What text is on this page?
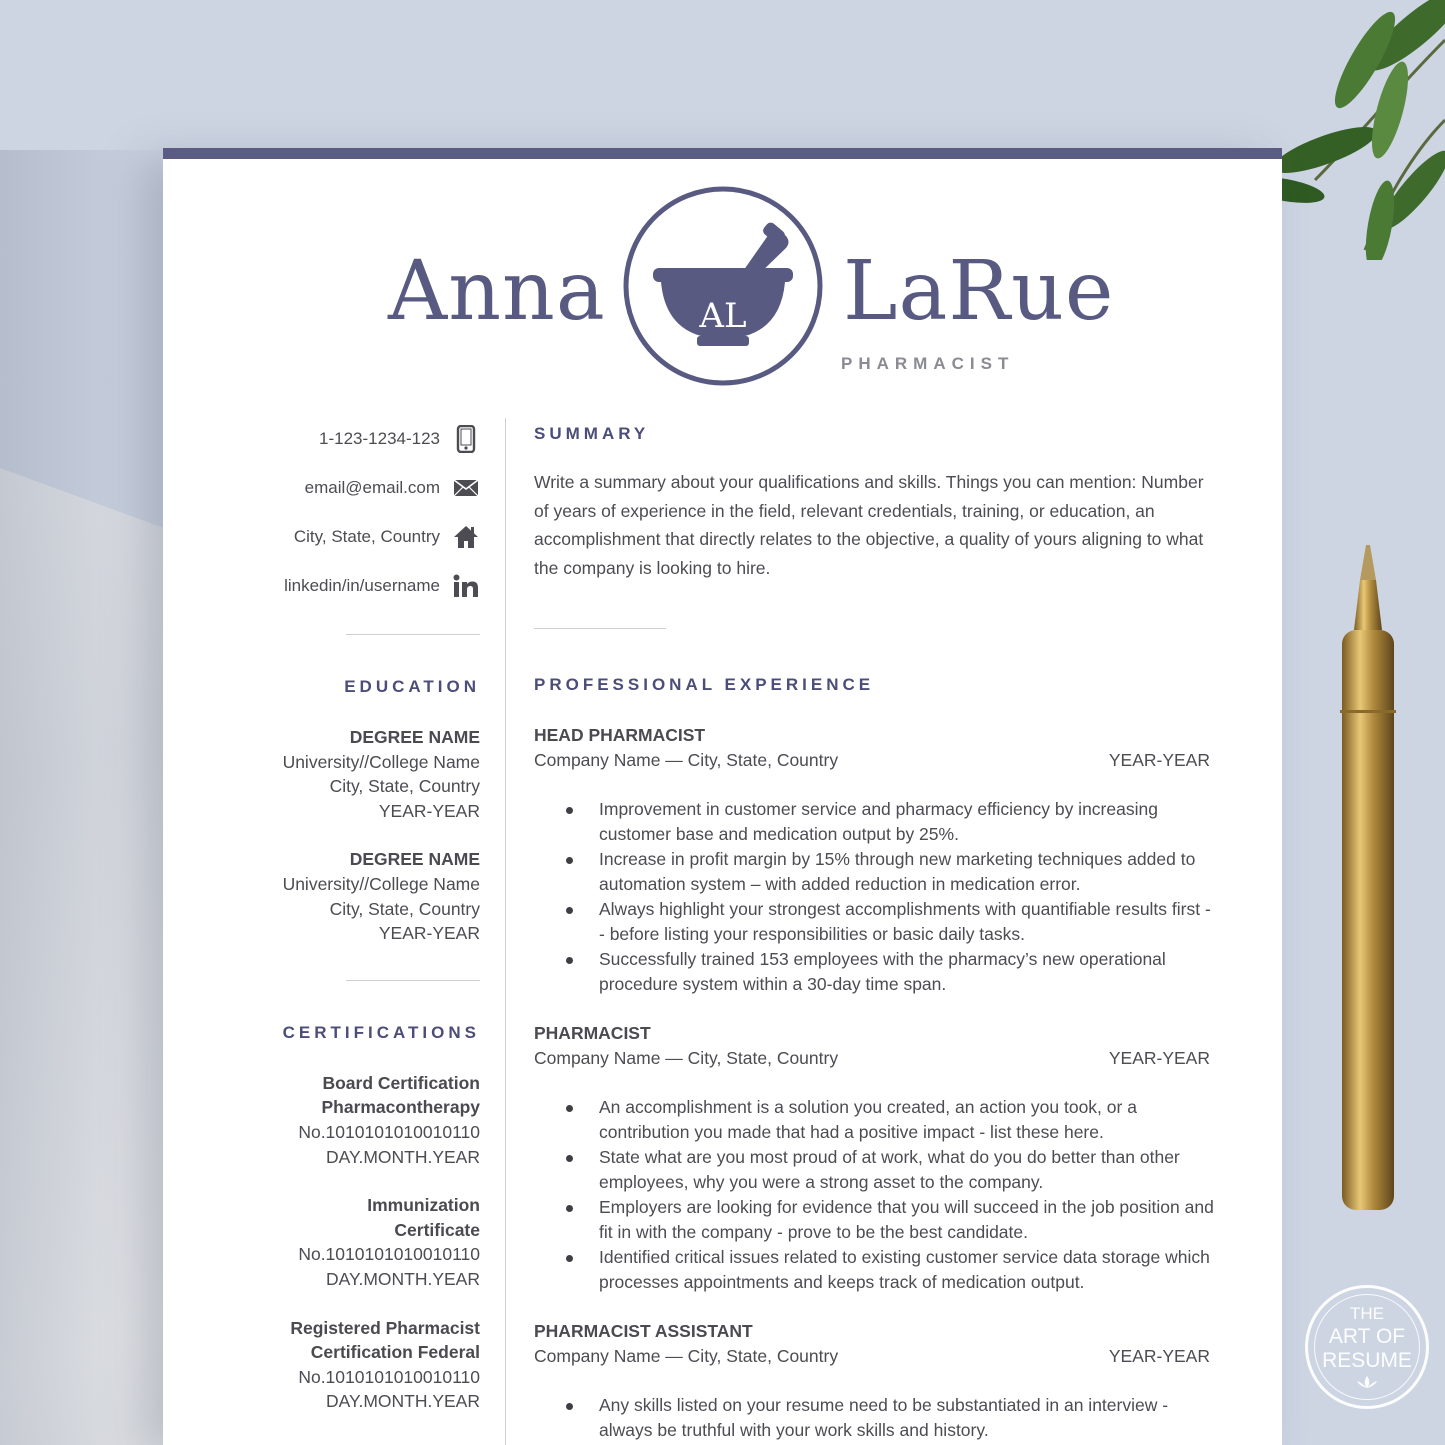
THE
ART OF
RESUME
Anna	AL LaRue
PHARMACIST
1-123-1234-123
email@email.com
City, State, Country
linkedin/in/username
EDUCATION
DEGREE NAME
University//College Name
City, State, Country
YEAR-YEAR
DEGREE NAME
University//College Name
City, State, Country
YEAR-YEAR
CERTIFICATIONS
Board Certification
Pharmacontherapy
No.1010101010010110
DAY.MONTH.YEAR
Immunization
Certificate
No.1010101010010110
DAY.MONTH.YEAR
Registered Pharmacist
Certification Federal
No.1010101010010110
DAY.MONTH.YEAR
SUMMARY

Write a summary about your qualifications and skills. Things you can mention: Number of years of experience in the field, relevant credentials, training, or education, an accomplishment that directly relates to the objective, a quality of yours aligning to what the company is looking to hire.

PROFESSIONAL EXPERIENCE
HEAD PHARMACIST
Company Name — City, State, Country	YEAR-YEAR
Improvement in customer service and pharmacy efficiency by increasing customer base and medication output by 25%.
Increase in profit margin by 15% through new marketing techniques added to automation system – with added reduction in medication error.
Always highlight your strongest accomplishments with quantifiable results first -- before listing your responsibilities or basic daily tasks.
Successfully trained 153 employees with the pharmacy’s new operational procedure system within a 30-day time span.
PHARMACIST
Company Name — City, State, Country	YEAR-YEAR
An accomplishment is a solution you created, an action you took, or a contribution you made that had a positive impact - list these here.
State what are you most proud of at work, what do you do better than other employees, why you were a strong asset to the company.
Employers are looking for evidence that you will succeed in the job position and fit in with the company - prove to be the best candidate.
Identified critical issues related to existing customer service data storage which processes appointments and keeps track of medication output.
PHARMACIST ASSISTANT
Company Name — City, State, Country	YEAR-YEAR
Any skills listed on your resume need to be substantiated in an interview - always be truthful with your work skills and history.
